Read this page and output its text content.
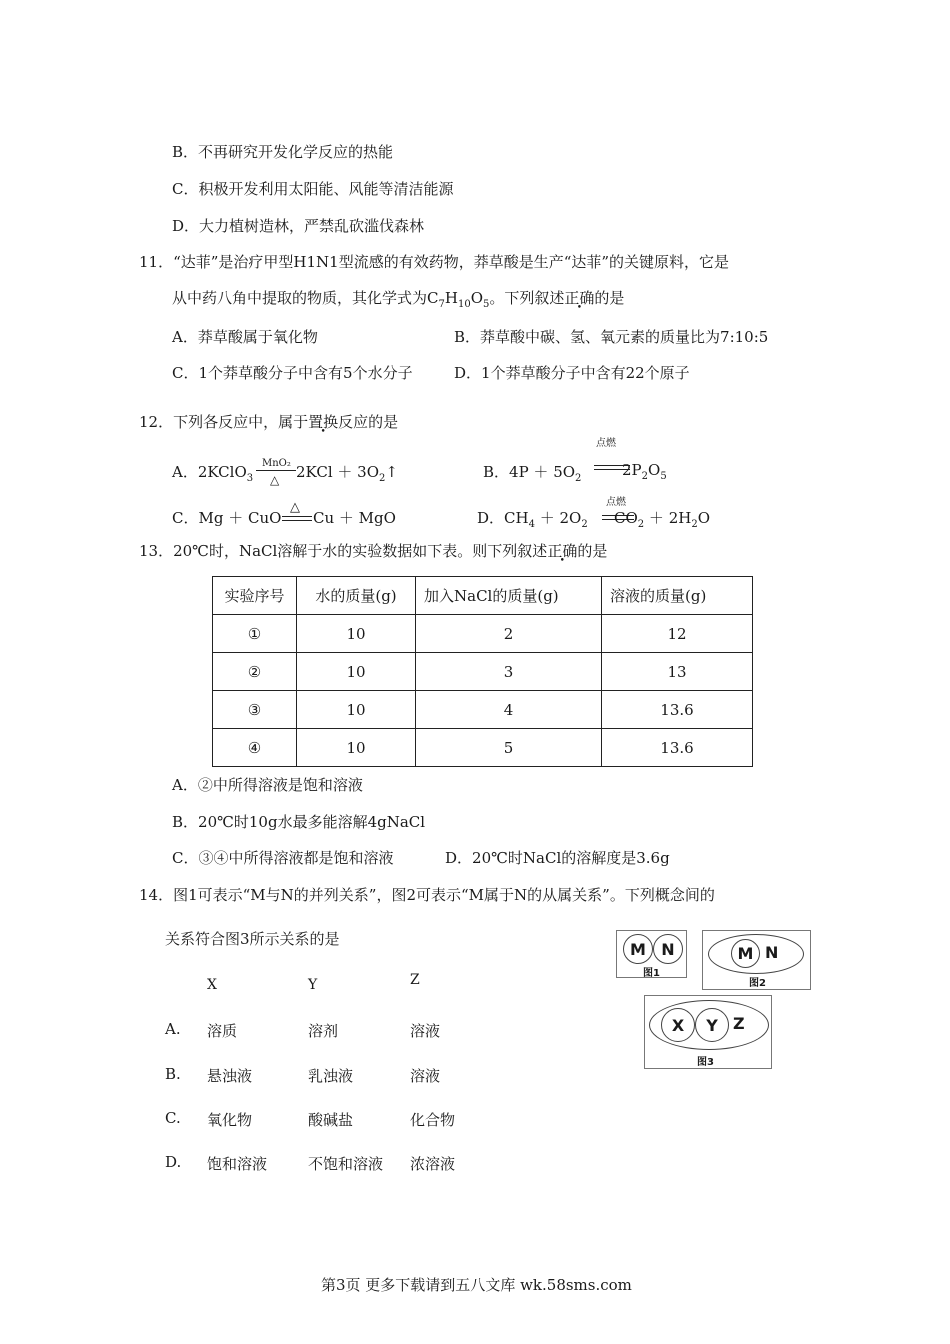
B．不再研究开发化学反应的热能
C．积极开发利用太阳能、风能等清洁能源
D．大力植树造林，严禁乱砍滥伐森林
11．“达菲”是治疗甲型H1N1型流感的有效药物，莽草酸是生产“达菲”的关键原料，它是
从中药八角中提取的物质，其化学式为$C_7H_{10}O_5$。下列叙述正确的是
A．莽草酸属于氧化物	B．莽草酸中碳、氢、氧元素的质量比为7:10:5
C．1个莽草酸分子中含有5个水分子	D．1个莽草酸分子中含有22个原子
12．下列各反应中，属于置换反应的是
A．2KClO$_3$
MnO₂
△ $2KCl + 3O_2↑$	B．$4P + 5O_2$
点燃
$2P_2O_5$
C．Mg ＋ CuO
△
Cu ＋ MgO	D．$CH_4 + 2O_2$
点燃
$CO_2 + 2H_2O$
13．20℃时，NaCl溶解于水的实验数据如下表。则下列叙述正确的是
实验序号	水的质量(g)	加入NaCl的质量(g)	溶液的质量(g)
①	10	2	12
②	10	3	13
③	10	4	13.6
④	10	5	13.6
A．②中所得溶液是饱和溶液
B．20℃时10g水最多能溶解4gNaCl
C．③④中所得溶液都是饱和溶液	D．20℃时NaCl的溶解度是3.6g
14．图1可表示“M与N的并列关系”，图2可表示“M属于N的从属关系”。下列概念间的
关系符合图3所示关系的是
X	Y	Z
A. 溶质	溶剂	溶液
B. 悬浊液	乳浊液	溶液
C. 氧化物	酸碱盐	化合物
D. 饱和溶液	不饱和溶液 浓溶液
M N
图1
M N
图2
X	Y Z
图3
第3页 更多下载请到五八文库 wk.58sms.com
